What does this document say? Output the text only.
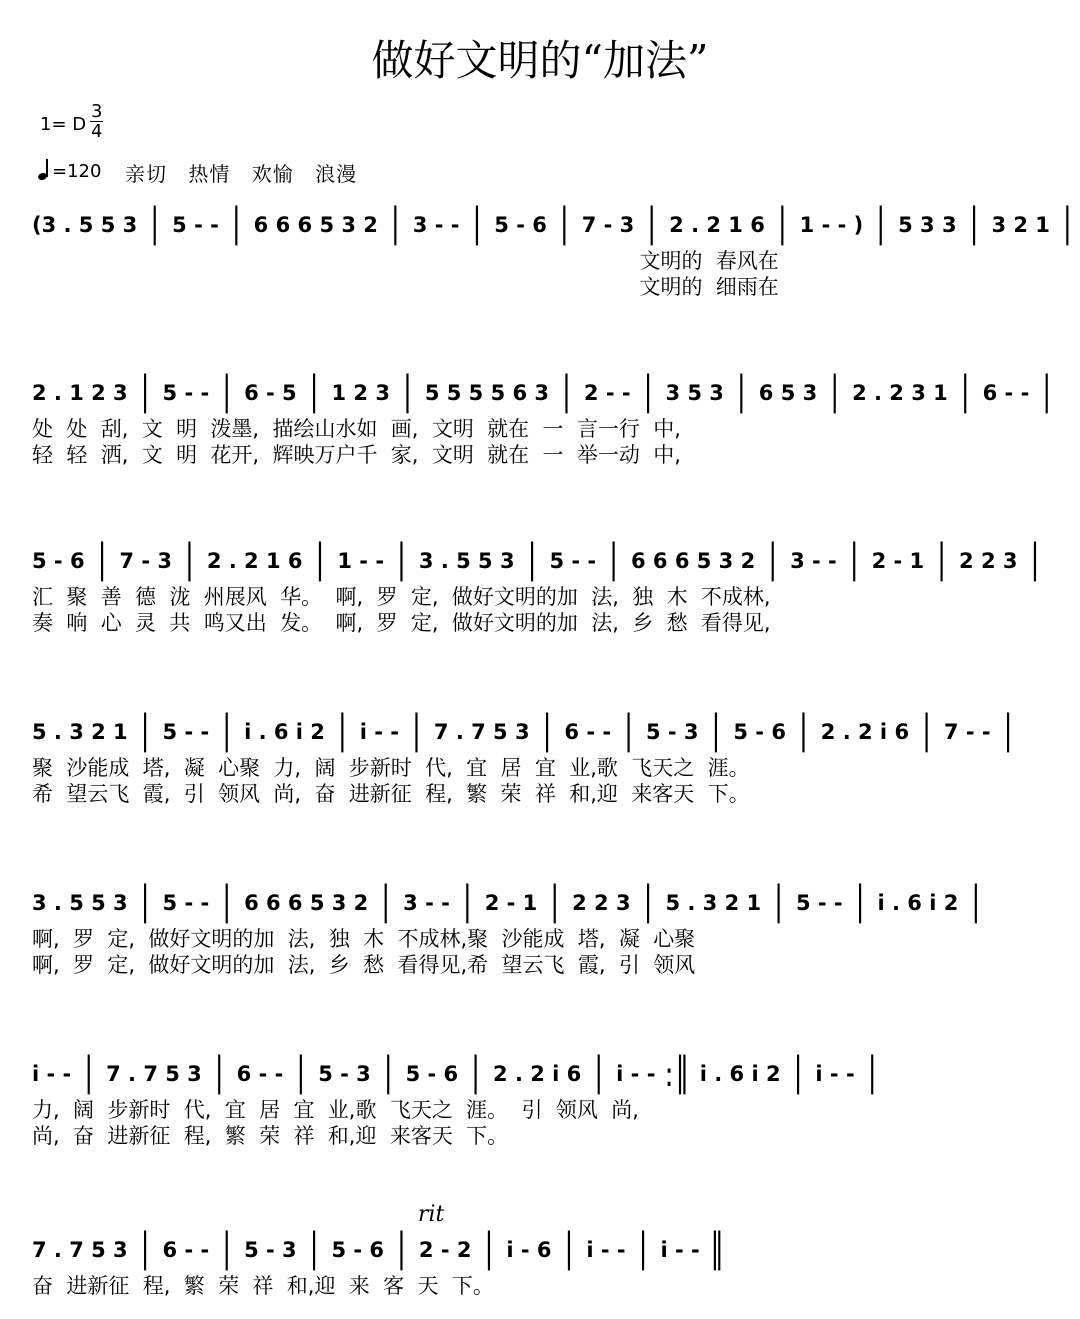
做好文明的“加法”
1= D
3
4
=120 亲切 热情 欢愉 浪漫
(3 . 5 5 3 │ 5 - - │ 6 6 6 5 3 2 │ 3 - - │ 5 - 6 │ 7 - 3 │ 2 . 2 1 6 │ 1 - - ) │ 5 3 3 │ 3 2 1 │
文明的  春风在
文明的  细雨在
2 . 1 2 3 │ 5 - - │ 6 - 5 │ 1 2 3 │ 5 5 5 5 6 3 │ 2 - - │ 3 5 3 │ 6 5 3 │ 2 . 2 3 1 │ 6 - - │
处  处  刮,  文  明  泼墨,  描绘山水如  画,  文明  就在  一  言一行  中,
轻  轻  洒,  文  明  花开,  辉映万户千  家,  文明  就在  一  举一动  中,
5 - 6 │ 7 - 3 │ 2 . 2 1 6 │ 1 - - │ 3 . 5 5 3 │ 5 - - │ 6 6 6 5 3 2 │ 3 - - │ 2 - 1 │ 2 2 3 │
汇  聚  善  德  泷  州展风  华。  啊,  罗  定,  做好文明的加  法,  独  木  不成林,
奏  响  心  灵  共  鸣又出  发。  啊,  罗  定,  做好文明的加  法,  乡  愁  看得见,
5 . 3 2 1 │ 5 - - │ i . 6 i 2 │ i - - │ 7 . 7 5 3 │ 6 - - │ 5 - 3 │ 5 - 6 │ 2 . 2 i 6 │ 7 - - │
聚  沙能成  塔,  凝  心聚  力,  阔  步新时  代,  宜  居  宜  业,歌  飞天之  涯。
希  望云飞  霞,  引  领风  尚,  奋  进新征  程,  繁  荣  祥  和,迎  来客天  下。
3 . 5 5 3 │ 5 - - │ 6 6 6 5 3 2 │ 3 - - │ 2 - 1 │ 2 2 3 │ 5 . 3 2 1 │ 5 - - │ i . 6 i 2 │
啊,  罗  定,  做好文明的加  法,  独  木  不成林,聚  沙能成  塔,  凝  心聚
啊,  罗  定,  做好文明的加  法,  乡  愁  看得见,希  望云飞  霞,  引  领风
i - - │ 7 . 7 5 3 │ 6 - - │ 5 - 3 │ 5 - 6 │ 2 . 2 i 6 │ i - - :║ i . 6 i 2 │ i - - │
力,  阔  步新时  代,  宜  居  宜  业,歌  飞天之  涯。  引  领风  尚,
尚,  奋  进新征  程,  繁  荣  祥  和,迎  来客天  下。
rit
7 . 7 5 3 │ 6 - - │ 5 - 3 │ 5 - 6 │ 2 - 2 │ i - 6 │ i - - │ i - - ║
奋  进新征  程,  繁  荣  祥  和,迎  来  客  天  下。
